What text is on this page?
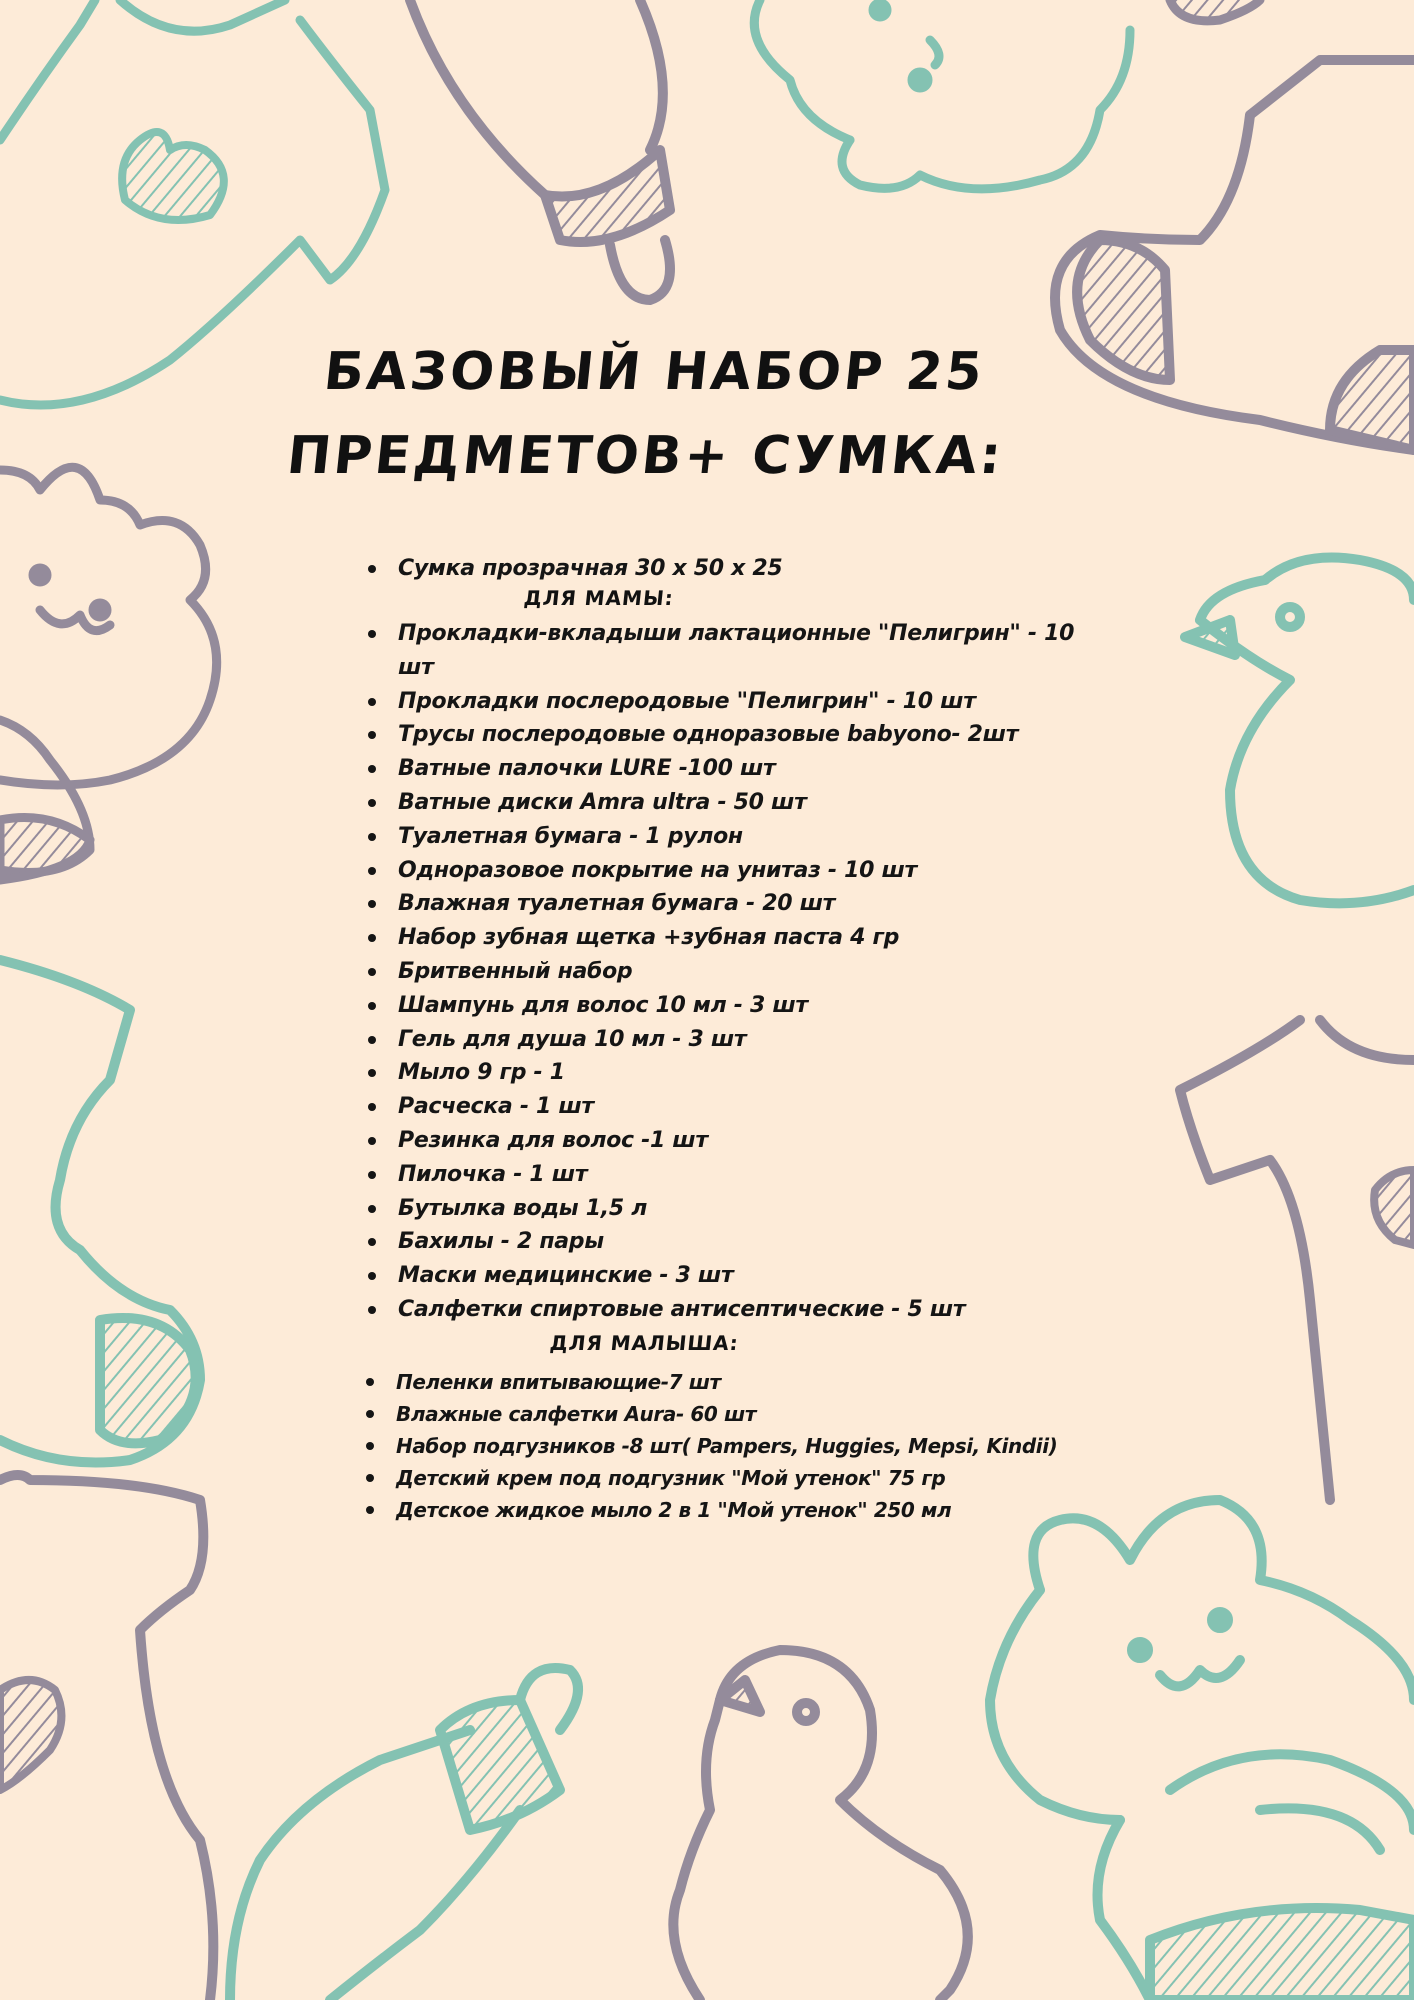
БАЗОВЫЙ НАБОР 25
ПРЕДМЕТОВ+ СУМКА:
Сумка прозрачная 30 х 50 х 25
ДЛЯ МАМЫ:
Прокладки-вкладыши лактационные "Пелигрин" - 10 шт
Прокладки послеродовые "Пелигрин" - 10 шт
Трусы послеродовые одноразовые babyono- 2шт
Ватные палочки LURE -100 шт
Ватные диски Amra ultra - 50 шт
Туалетная бумага - 1 рулон
Одноразовое покрытие на унитаз - 10 шт
Влажная туалетная бумага - 20 шт
Набор зубная щетка +зубная паста 4 гр
Бритвенный набор
Шампунь для волос 10 мл - 3 шт
Гель для душа 10 мл - 3 шт
Мыло 9 гр - 1
Расческа - 1 шт
Резинка для волос -1 шт
Пилочка - 1 шт
Бутылка воды 1,5 л
Бахилы - 2 пары
Маски медицинские - 3 шт
Салфетки спиртовые антисептические - 5 шт
ДЛЯ МАЛЫША:
Пеленки впитывающие-7 шт
Влажные салфетки Aura- 60 шт
Набор подгузников -8 шт( Pampers, Huggies, Mepsi, Kindii)
Детский крем под подгузник "Мой утенок" 75 гр
Детское жидкое мыло 2 в 1 "Мой утенок" 250 мл
